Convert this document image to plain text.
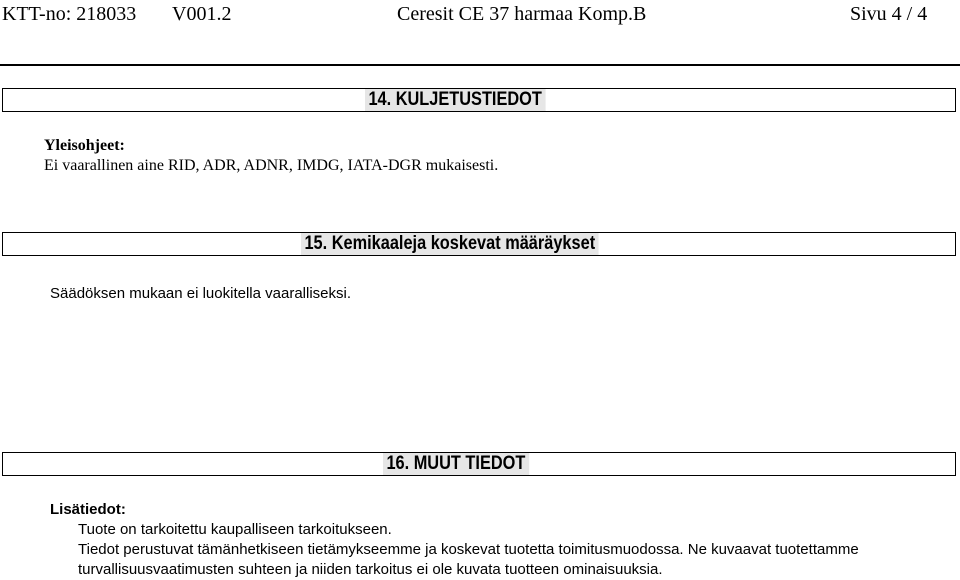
KTT-no: 218033 V001.2	Ceresit CE 37 harmaa Komp.B	Sivu 4 / 4
14. KULJETUSTIEDOT
Yleisohjeet:
Ei vaarallinen aine RID, ADR, ADNR, IMDG, IATA-DGR mukaisesti.
15. Kemikaaleja koskevat määräykset
Säädöksen mukaan ei luokitella vaaralliseksi.
16. MUUT TIEDOT
Lisätiedot:
Tuote on tarkoitettu kaupalliseen tarkoitukseen.
Tiedot perustuvat tämänhetkiseen tietämykseemme ja koskevat tuotetta toimitusmuodossa. Ne kuvaavat tuotettamme
turvallisuusvaatimusten suhteen ja niiden tarkoitus ei ole kuvata tuotteen ominaisuuksia.
